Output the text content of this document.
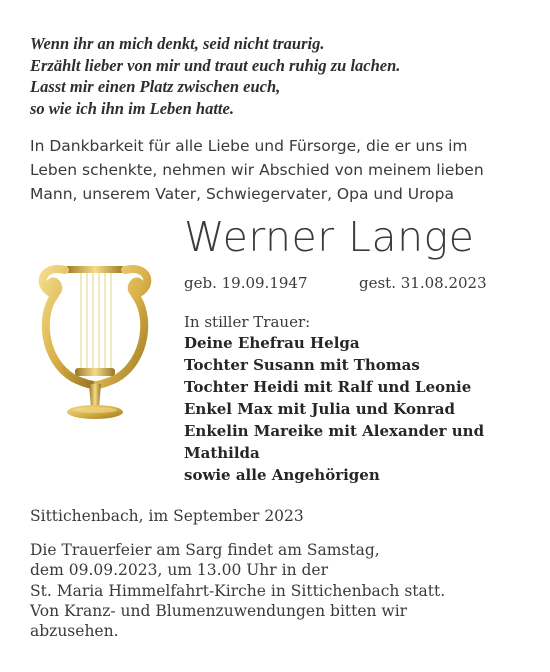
Wenn ihr an mich denkt, seid nicht traurig.
Erzählt lieber von mir und traut euch ruhig zu lachen.
Lasst mir einen Platz zwischen euch,
so wie ich ihn im Leben hatte.
In Dankbarkeit für alle Liebe und Fürsorge, die er uns im
Leben schenkte, nehmen wir Abschied von meinem lieben
Mann, unserem Vater, Schwiegervater, Opa und Uropa
Werner Lange
geb. 19.09.1947	gest. 31.08.2023
In stiller Trauer:
Deine Ehefrau Helga
Tochter Susann mit Thomas
Tochter Heidi mit Ralf und Leonie
Enkel Max mit Julia und Konrad
Enkelin Mareike mit Alexander und
Mathilda
sowie alle Angehörigen
Sittichenbach, im September 2023
Die Trauerfeier am Sarg findet am Samstag,
dem 09.09.2023, um 13.00 Uhr in der
St. Maria Himmelfahrt-Kirche in Sittichenbach statt.
Von Kranz- und Blumenzuwendungen bitten wir
abzusehen.
